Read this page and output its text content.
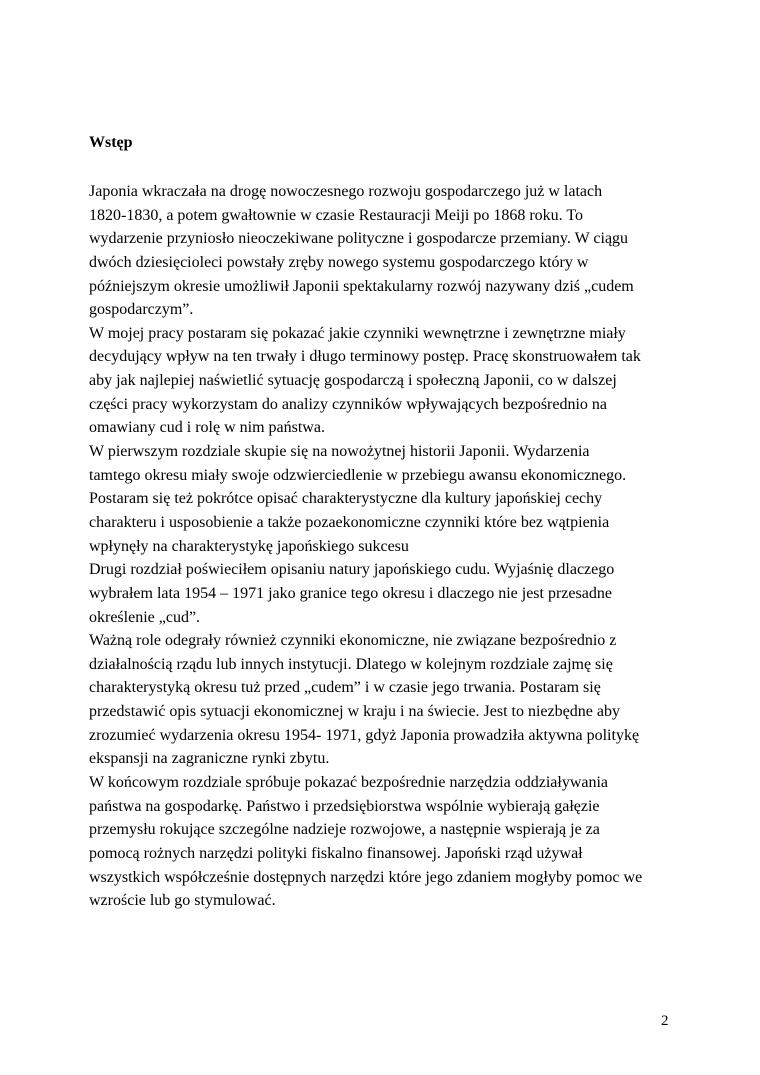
Wstęp
Japonia wkraczała na drogę nowoczesnego rozwoju gospodarczego już w latach
1820-1830, a potem gwałtownie w czasie Restauracji Meiji po 1868 roku. To
wydarzenie przyniosło nieoczekiwane polityczne i gospodarcze przemiany. W ciągu
dwóch dziesięcioleci powstały zręby nowego systemu gospodarczego który w
późniejszym okresie umożliwił Japonii spektakularny rozwój nazywany dziś „cudem
gospodarczym”.
W mojej pracy postaram się pokazać jakie czynniki wewnętrzne i zewnętrzne miały
decydujący wpływ na ten trwały i długo terminowy postęp. Pracę skonstruowałem tak
aby jak najlepiej naświetlić sytuację gospodarczą i społeczną Japonii, co w dalszej
części pracy wykorzystam do analizy czynników wpływających bezpośrednio na
omawiany cud i rolę w nim państwa.
W pierwszym rozdziale skupie się na nowożytnej historii Japonii. Wydarzenia
tamtego okresu miały swoje odzwierciedlenie w przebiegu awansu ekonomicznego.
Postaram się też pokrótce opisać charakterystyczne dla kultury japońskiej cechy
charakteru i usposobienie a także pozaekonomiczne czynniki które bez wątpienia
wpłynęły na charakterystykę japońskiego sukcesu
Drugi rozdział poświeciłem opisaniu natury japońskiego cudu. Wyjaśnię dlaczego
wybrałem lata 1954 – 1971 jako granice tego okresu i dlaczego nie jest przesadne
określenie „cud”.
Ważną role odegrały również czynniki ekonomiczne, nie związane bezpośrednio z
działalnością rządu lub innych instytucji. Dlatego w kolejnym rozdziale zajmę się
charakterystyką okresu tuż przed „cudem” i w czasie jego trwania. Postaram się
przedstawić opis sytuacji ekonomicznej w kraju i na świecie. Jest to niezbędne aby
zrozumieć wydarzenia okresu 1954- 1971, gdyż Japonia prowadziła aktywna politykę
ekspansji na zagraniczne rynki zbytu.
W końcowym rozdziale spróbuje pokazać bezpośrednie narzędzia oddziaływania
państwa na gospodarkę. Państwo i przedsiębiorstwa wspólnie wybierają gałęzie
przemysłu rokujące szczególne nadzieje rozwojowe, a następnie wspierają je za
pomocą rożnych narzędzi polityki fiskalno finansowej. Japoński rząd używał
wszystkich współcześnie dostępnych narzędzi które jego zdaniem mogłyby pomoc we
wzroście lub go stymulować.
2
